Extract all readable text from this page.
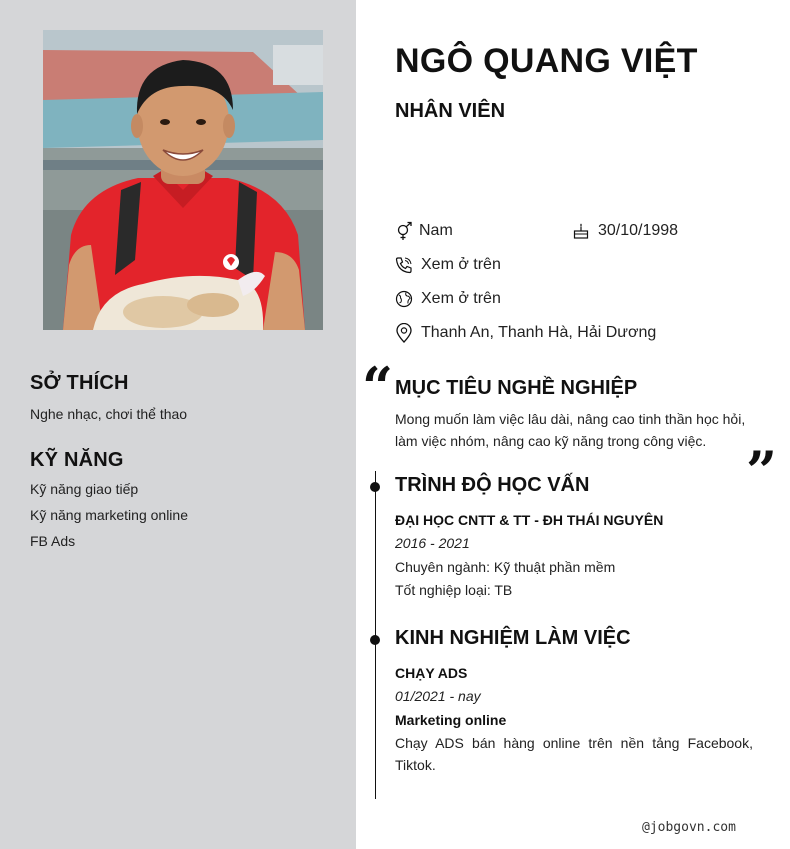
SỞ THÍCH
Nghe nhạc, chơi thể thao
KỸ NĂNG
Kỹ năng giao tiếp
Kỹ năng marketing online
FB Ads
NGÔ QUANG VIỆT
NHÂN VIÊN
Nam	30/10/1998
Xem ở trên
Xem ở trên
Thanh An, Thanh Hà, Hải Dương
“ MỤC TIÊU NGHỀ NGHIỆP
Mong muốn làm việc lâu dài, nâng cao tinh thần học hỏi, làm việc nhóm, nâng cao kỹ năng trong công việc. ”
TRÌNH ĐỘ HỌC VẤN
ĐẠI HỌC CNTT & TT - ĐH THÁI NGUYÊN
2016 - 2021
Chuyên ngành: Kỹ thuật phần mềm
Tốt nghiệp loại: TB
KINH NGHIỆM LÀM VIỆC
CHẠY ADS
01/2021 - nay
Marketing online
Chạy ADS bán hàng online trên nền tảng Facebook, Tiktok.
@jobgovn.com
